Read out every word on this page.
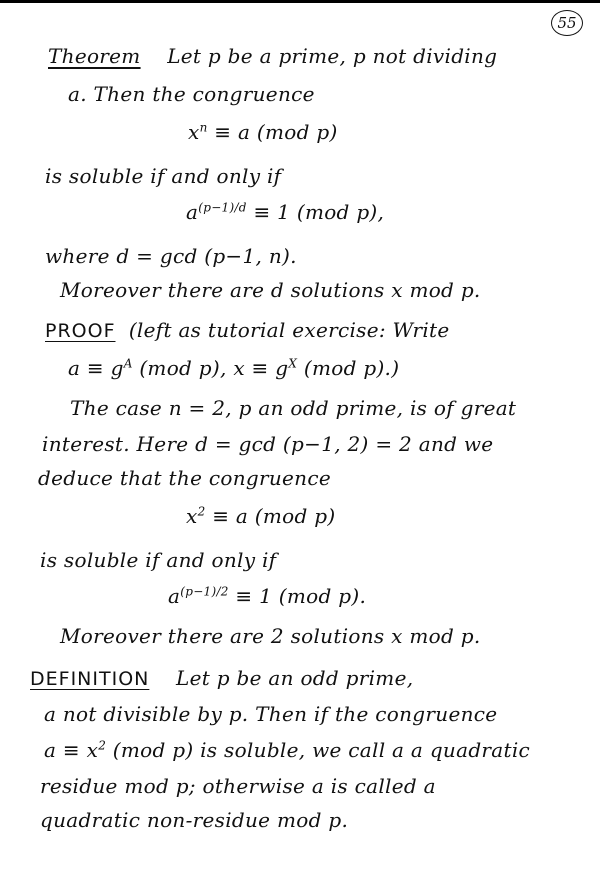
55
Theorem Let p be a prime, p not dividing
a. Then the congruence
$x^n \equiv a$ (mod p)
is soluble if and only if
$a^{(p-1)/d} \equiv 1$ (mod p),
where d = gcd (p−1, n).
Moreover there are d solutions x mod p.
PROOF (left as tutorial exercise: Write
$a \equiv g^A$ (mod p), $x \equiv g^X$ (mod p).)
The case n = 2, p an odd prime, is of great
interest. Here d = gcd (p−1, 2) = 2 and we
deduce that the congruence
$x^2 \equiv a$ (mod p)
is soluble if and only if
$a^{(p-1)/2} \equiv 1$ (mod p).
Moreover there are 2 solutions x mod p.
DEFINITION Let p be an odd prime,
a not divisible by p. Then if the congruence
$a \equiv x^2$ (mod p) is soluble, we call a a quadratic
residue mod p; otherwise a is called a
quadratic non-residue mod p.
